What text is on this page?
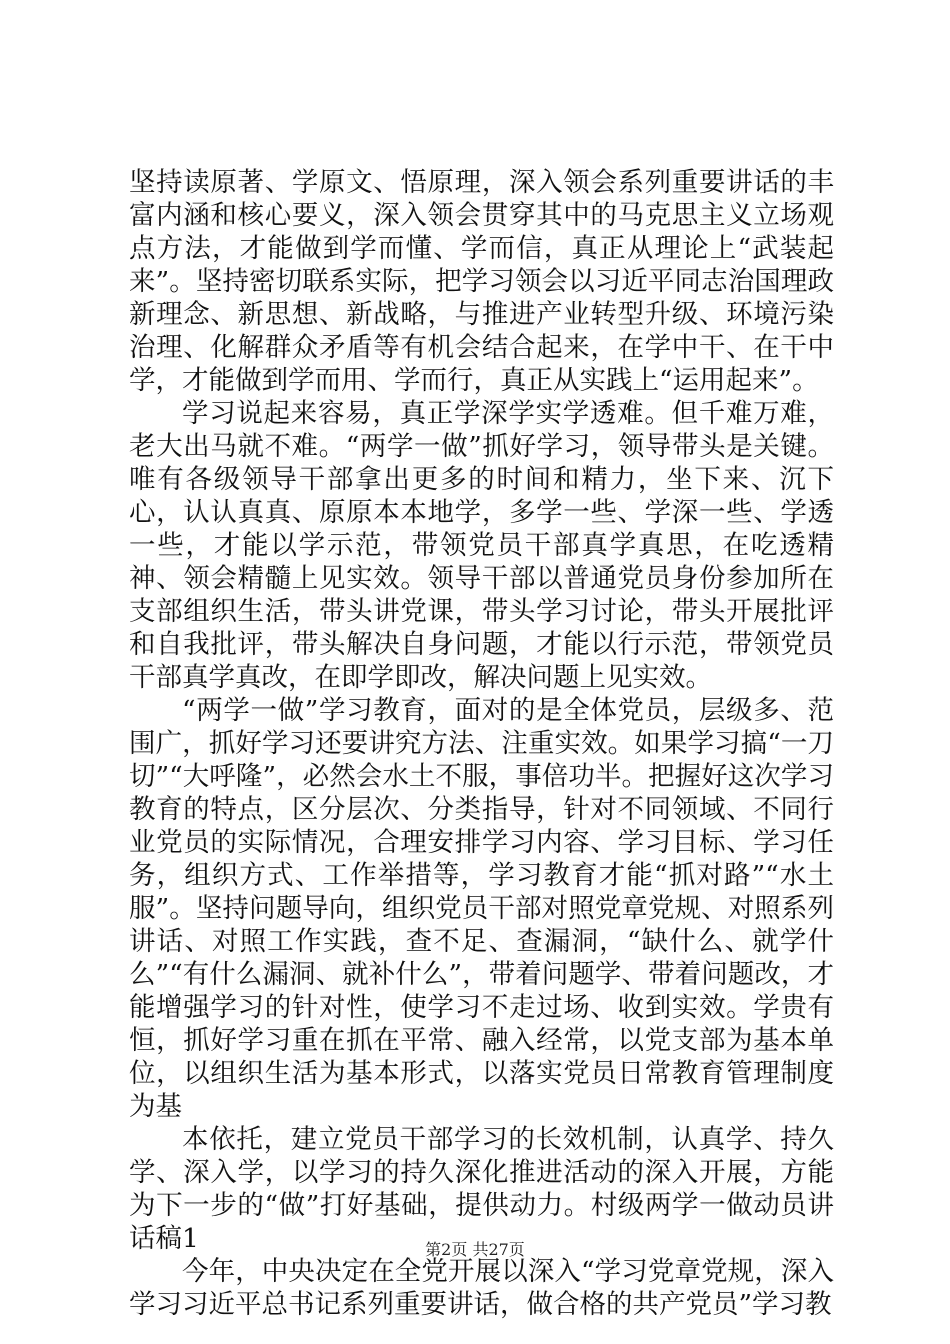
坚持读原著、学原文、悟原理，深入领会系列重要讲话的丰富内涵和核心要义，深入领会贯穿其中的马克思主义立场观点方法，才能做到学而懂、学而信，真正从理论上“武装起来”。坚持密切联系实际，把学习领会以习近平同志治国理政新理念、新思想、新战略，与推进产业转型升级、环境污染治理、化解群众矛盾等有机会结合起来，在学中干、在干中学，才能做到学而用、学而行，真正从实践上“运用起来”。

学习说起来容易，真正学深学实学透难。但千难万难，老大出马就不难。“两学一做”抓好学习，领导带头是关键。唯有各级领导干部拿出更多的时间和精力，坐下来、沉下心，认认真真、原原本本地学，多学一些、学深一些、学透一些，才能以学示范，带领党员干部真学真思，在吃透精神、领会精髓上见实效。领导干部以普通党员身份参加所在支部组织生活，带头讲党课，带头学习讨论，带头开展批评和自我批评，带头解决自身问题，才能以行示范，带领党员干部真学真改，在即学即改，解决问题上见实效。

“两学一做”学习教育，面对的是全体党员，层级多、范围广，抓好学习还要讲究方法、注重实效。如果学习搞“一刀切”“大呼隆”，必然会水土不服，事倍功半。把握好这次学习教育的特点，区分层次、分类指导，针对不同领域、不同行业党员的实际情况，合理安排学习内容、学习目标、学习任务，组织方式、工作举措等，学习教育才能“抓对路”“水土服”。坚持问题导向，组织党员干部对照党章党规、对照系列讲话、对照工作实践，查不足、查漏洞，“缺什么、就学什么”“有什么漏洞、就补什么”，带着问题学、带着问题改，才能增强学习的针对性，使学习不走过场、收到实效。学贵有恒，抓好学习重在抓在平常、融入经常，以党支部为基本单位，以组织生活为基本形式，以落实党员日常教育管理制度为基

本依托，建立党员干部学习的长效机制，认真学、持久学、深入学，以学习的持久深化推进活动的深入开展，方能为下一步的“做”打好基础，提供动力。村级两学一做动员讲话稿1

今年，中央决定在全党开展以深入“学习党章党规，深入学习习近平总书记系列重要讲话，做合格的共产党员”学习教

第2页 共27页
